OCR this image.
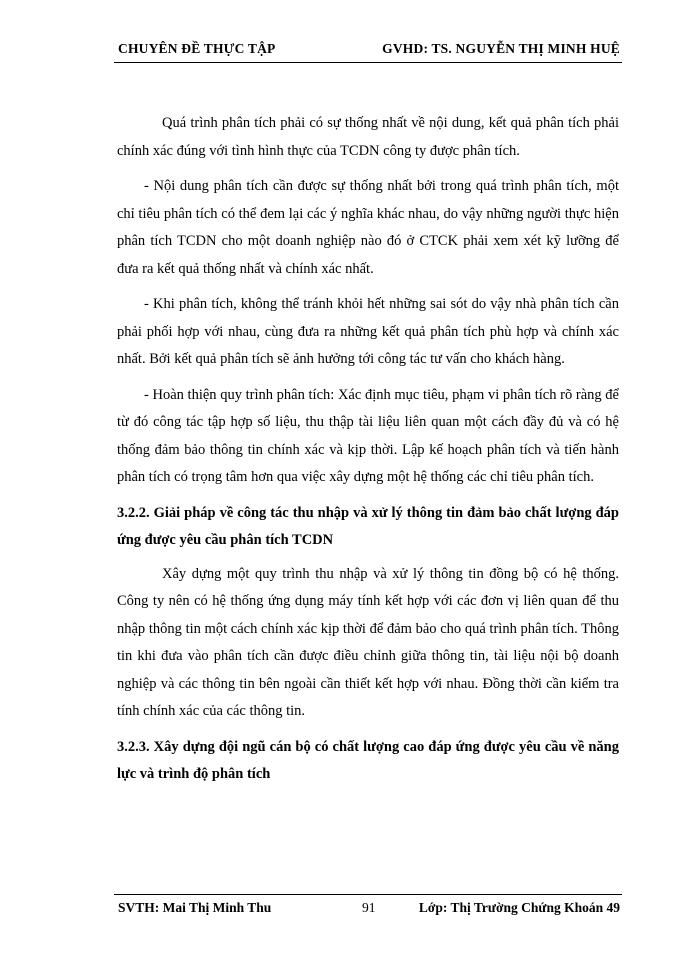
CHUYÊN ĐỀ THỰC TẬP	GVHD: TS. NGUYỄN THỊ MINH HUỆ

Quá trình phân tích phải có sự thống nhất về nội dung, kết quả phân tích phải chính xác đúng với tình hình thực của TCDN công ty được phân tích.

- Nội dung phân tích cần được sự thống nhất bởi trong quá trình phân tích, một chỉ tiêu phân tích có thể đem lại các ý nghĩa khác nhau, do vậy những người thực hiện phân tích TCDN cho một doanh nghiệp nào đó ở CTCK phải xem xét kỹ lưỡng để đưa ra kết quả thống nhất và chính xác nhất.

- Khi phân tích, không thể tránh khỏi hết những sai sót do vậy nhà phân tích cần phải phối hợp với nhau, cùng đưa ra những kết quả phân tích phù hợp và chính xác nhất. Bởi kết quả phân tích sẽ ảnh hưởng tới công tác tư vấn cho khách hàng.

- Hoàn thiện quy trình phân tích: Xác định mục tiêu, phạm vi phân tích rõ ràng để từ đó công tác tập hợp số liệu, thu thập tài liệu liên quan một cách đầy đủ và có hệ thống đảm bảo thông tin chính xác và kịp thời. Lập kế hoạch phân tích và tiến hành phân tích có trọng tâm hơn qua việc xây dựng một hệ thống các chỉ tiêu phân tích.

3.2.2. Giải pháp về công tác thu nhập và xử lý thông tin đảm bảo chất lượng đáp ứng được yêu cầu phân tích TCDN

Xây dựng một quy trình thu nhập và xử lý thông tin đồng bộ có hệ thống. Công ty nên có hệ thống ứng dụng máy tính kết hợp với các đơn vị liên quan để thu nhập thông tin một cách chính xác kịp thời để đảm bảo cho quá trình phân tích. Thông tin khi đưa vào phân tích cần được điều chỉnh giữa thông tin, tài liệu nội bộ doanh nghiệp và các thông tin bên ngoài cần thiết kết hợp với nhau. Đồng thời cần kiểm tra tính chính xác của các thông tin.

3.2.3. Xây dựng đội ngũ cán bộ có chất lượng cao đáp ứng được yêu cầu về năng lực và trình độ phân tích

SVTH: Mai Thị Minh Thu	91	Lớp: Thị Trường Chứng Khoán 49
